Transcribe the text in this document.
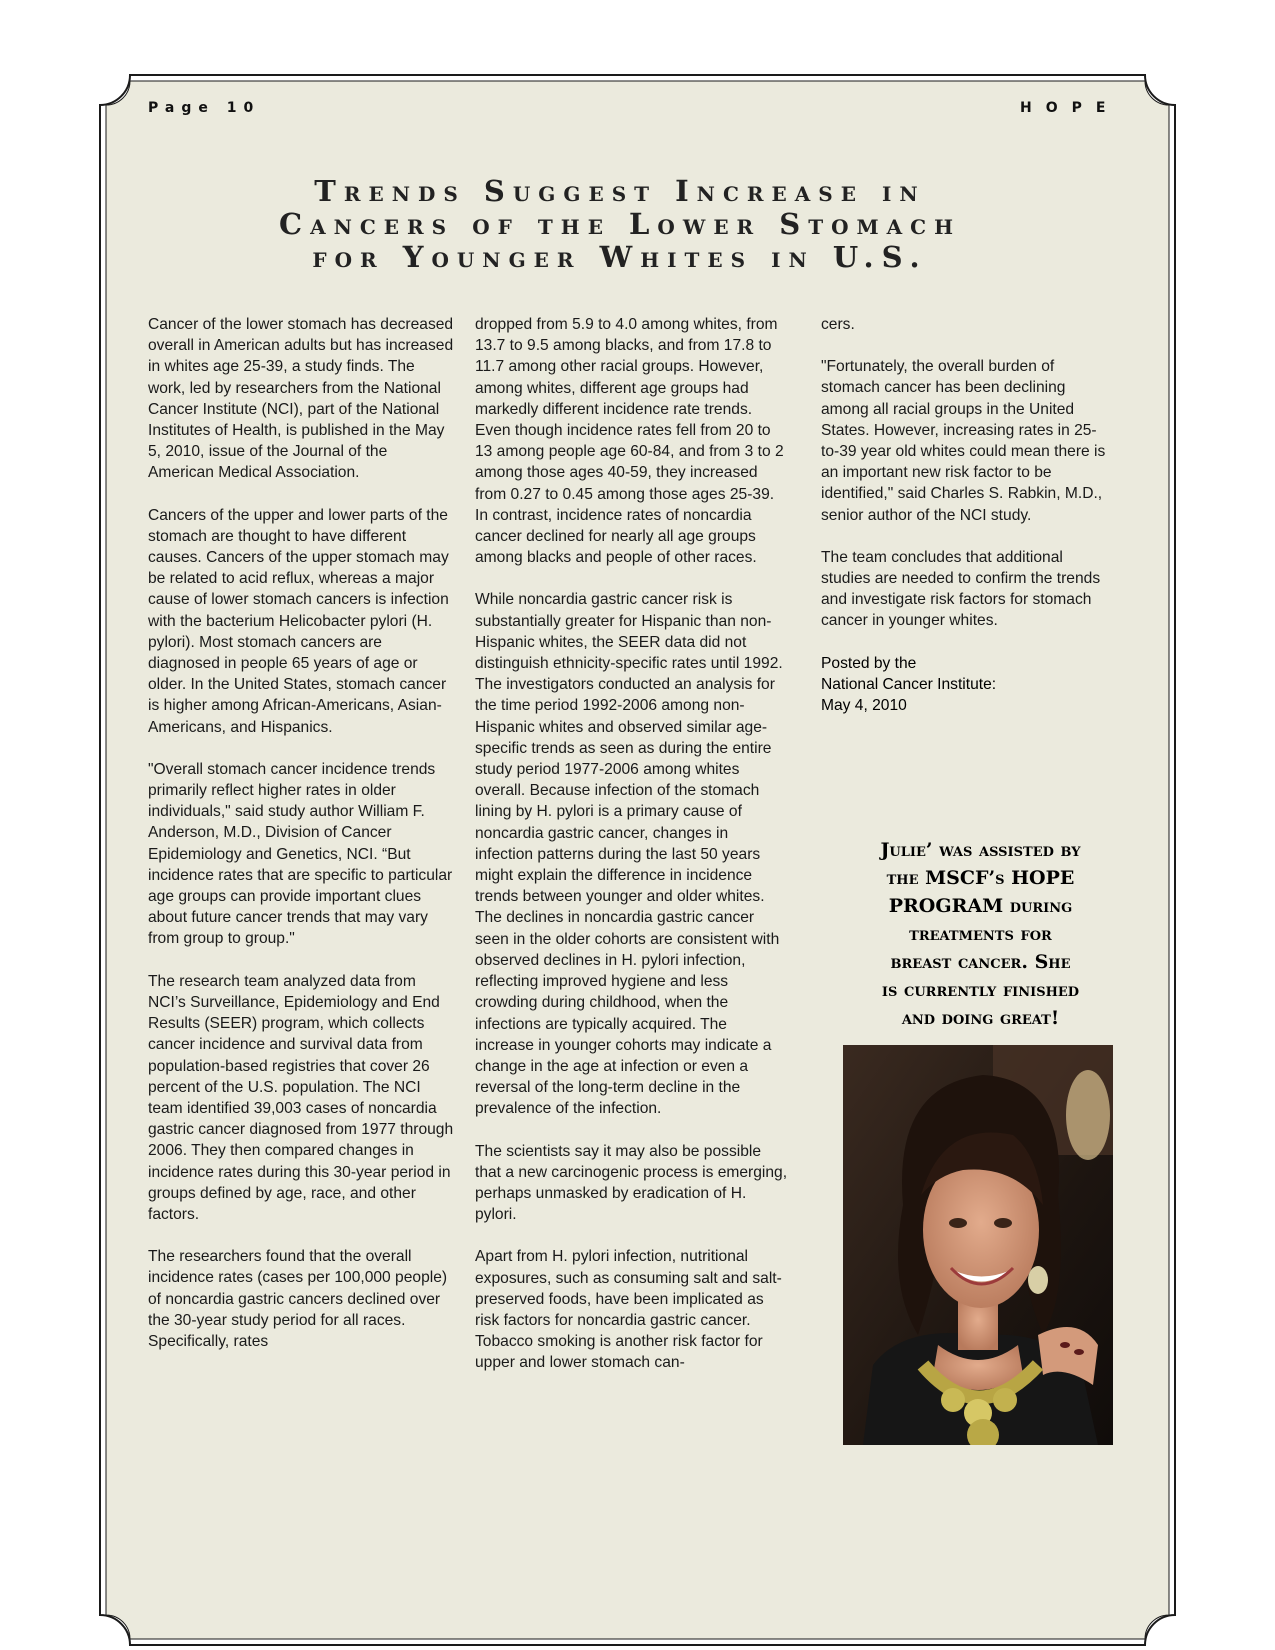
Page 10	HOPE
Trends Suggest Increase in
Cancers of the Lower Stomach
for Younger Whites in U.S.

Cancer of the lower stomach has decreased overall in American adults but has increased in whites age 25-39, a study finds. The work, led by researchers from the National Cancer Institute (NCI), part of the National Institutes of Health, is published in the May 5, 2010, issue of the Journal of the American Medical Association.

Cancers of the upper and lower parts of the stomach are thought to have different causes. Cancers of the upper stomach may be related to acid reflux, whereas a major cause of lower stomach cancers is infection with the bacterium Helicobacter pylori (H. pylori). Most stomach cancers are diagnosed in people 65 years of age or older. In the United States, stomach cancer is higher among African-Americans, Asian-Americans, and Hispanics.

"Overall stomach cancer incidence trends primarily reflect higher rates in older individuals," said study author William F. Anderson, M.D., Division of Cancer Epidemiology and Genetics, NCI. “But incidence rates that are specific to particular age groups can provide important clues about future cancer trends that may vary from group to group."

The research team analyzed data from NCI’s Surveillance, Epidemiology and End Results (SEER) program, which collects cancer incidence and survival data from population-based registries that cover 26 percent of the U.S. population. The NCI team identified 39,003 cases of noncardia gastric cancer diagnosed from 1977 through 2006. They then compared changes in incidence rates during this 30-year period in groups defined by age, race, and other factors.

The researchers found that the overall incidence rates (cases per 100,000 people) of noncardia gastric cancers declined over the 30-year study period for all races. Specifically, rates

dropped from 5.9 to 4.0 among whites, from 13.7 to 9.5 among blacks, and from 17.8 to 11.7 among other racial groups. However, among whites, different age groups had markedly different incidence rate trends. Even though incidence rates fell from 20 to 13 among people age 60-84, and from 3 to 2 among those ages 40-59, they increased from 0.27 to 0.45 among those ages 25-39. In contrast, incidence rates of noncardia cancer declined for nearly all age groups among blacks and people of other races.

While noncardia gastric cancer risk is substantially greater for Hispanic than non-Hispanic whites, the SEER data did not distinguish ethnicity-specific rates until 1992. The investigators conducted an analysis for the time period 1992-2006 among non-Hispanic whites and observed similar age-specific trends as seen as during the entire study period 1977-2006 among whites overall. Because infection of the stomach lining by H. pylori is a primary cause of noncardia gastric cancer, changes in infection patterns during the last 50 years might explain the difference in incidence trends between younger and older whites. The declines in noncardia gastric cancer seen in the older cohorts are consistent with observed declines in H. pylori infection, reflecting improved hygiene and less crowding during childhood, when the infections are typically acquired. The increase in younger cohorts may indicate a change in the age at infection or even a reversal of the long-term decline in the prevalence of the infection.

The scientists say it may also be possible that a new carcinogenic process is emerging, perhaps unmasked by eradication of H. pylori.

Apart from H. pylori infection, nutritional exposures, such as consuming salt and salt-preserved foods, have been implicated as risk factors for noncardia gastric cancer. Tobacco smoking is another risk factor for upper and lower stomach can-

cers.

"Fortunately, the overall burden of stomach cancer has been declining among all racial groups in the United States. However, increasing rates in 25-to-39 year old whites could mean there is an important new risk factor to be identified," said Charles S. Rabkin, M.D., senior author of the NCI study.

The team concludes that additional studies are needed to confirm the trends and investigate risk factors for stomach cancer in younger whites.

Posted by the
National Cancer Institute:
May 4, 2010
Julie’ was assisted by
the MSCF’s HOPE
PROGRAM during
treatments for
breast cancer. She
is currently finished
and doing great!
